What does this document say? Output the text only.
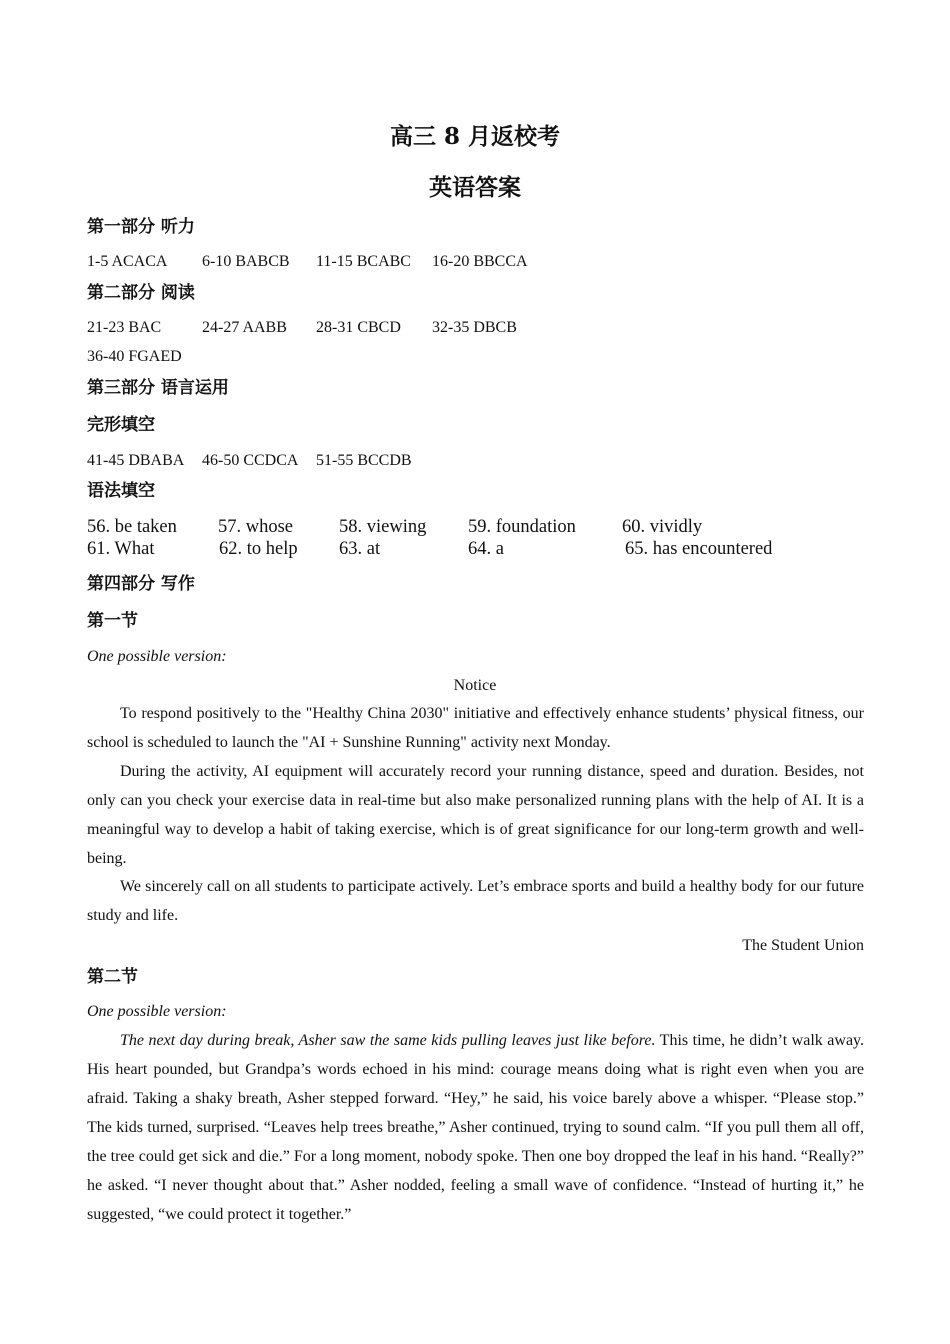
高三 8 月返校考
英语答案
第一部分 听力
1-5 ACACA 6-10 BABCB 11-15 BCABC 16-20 BBCCA
第二部分 阅读
21-23 BAC	24-27 AABB 28-31 CBCD 32-35 DBCB
36-40 FGAED
第三部分 语言运用
完形填空
41-45 DBABA 46-50 CCDCA 51-55 BCCDB
语法填空
56. be taken 57. whose 58. viewing 59. foundation 60. vividly
61. What	62. to help 63. at	64. a	65. has encountered
第四部分 写作
第一节
One possible version:
Notice

To respond positively to the "Healthy China 2030" initiative and effectively enhance students’ physical fitness, our school is scheduled to launch the "AI + Sunshine Running" activity next Monday.

During the activity, AI equipment will accurately record your running distance, speed and duration. Besides, not only can you check your exercise data in real-time but also make personalized running plans with the help of AI. It is a meaningful way to develop a habit of taking exercise, which is of great significance for our long-term growth and well-being.

We sincerely call on all students to participate actively. Let’s embrace sports and build a healthy body for our future study and life.

The Student Union
第二节
One possible version:

The next day during break, Asher saw the same kids pulling leaves just like before. This time, he didn’t walk away. His heart pounded, but Grandpa’s words echoed in his mind: courage means doing what is right even when you are afraid. Taking a shaky breath, Asher stepped forward. “Hey,” he said, his voice barely above a whisper. “Please stop.” The kids turned, surprised. “Leaves help trees breathe,” Asher continued, trying to sound calm. “If you pull them all off, the tree could get sick and die.” For a long moment, nobody spoke. Then one boy dropped the leaf in his hand. “Really?” he asked. “I never thought about that.” Asher nodded, feeling a small wave of confidence. “Instead of hurting it,” he suggested, “we could protect it together.”
